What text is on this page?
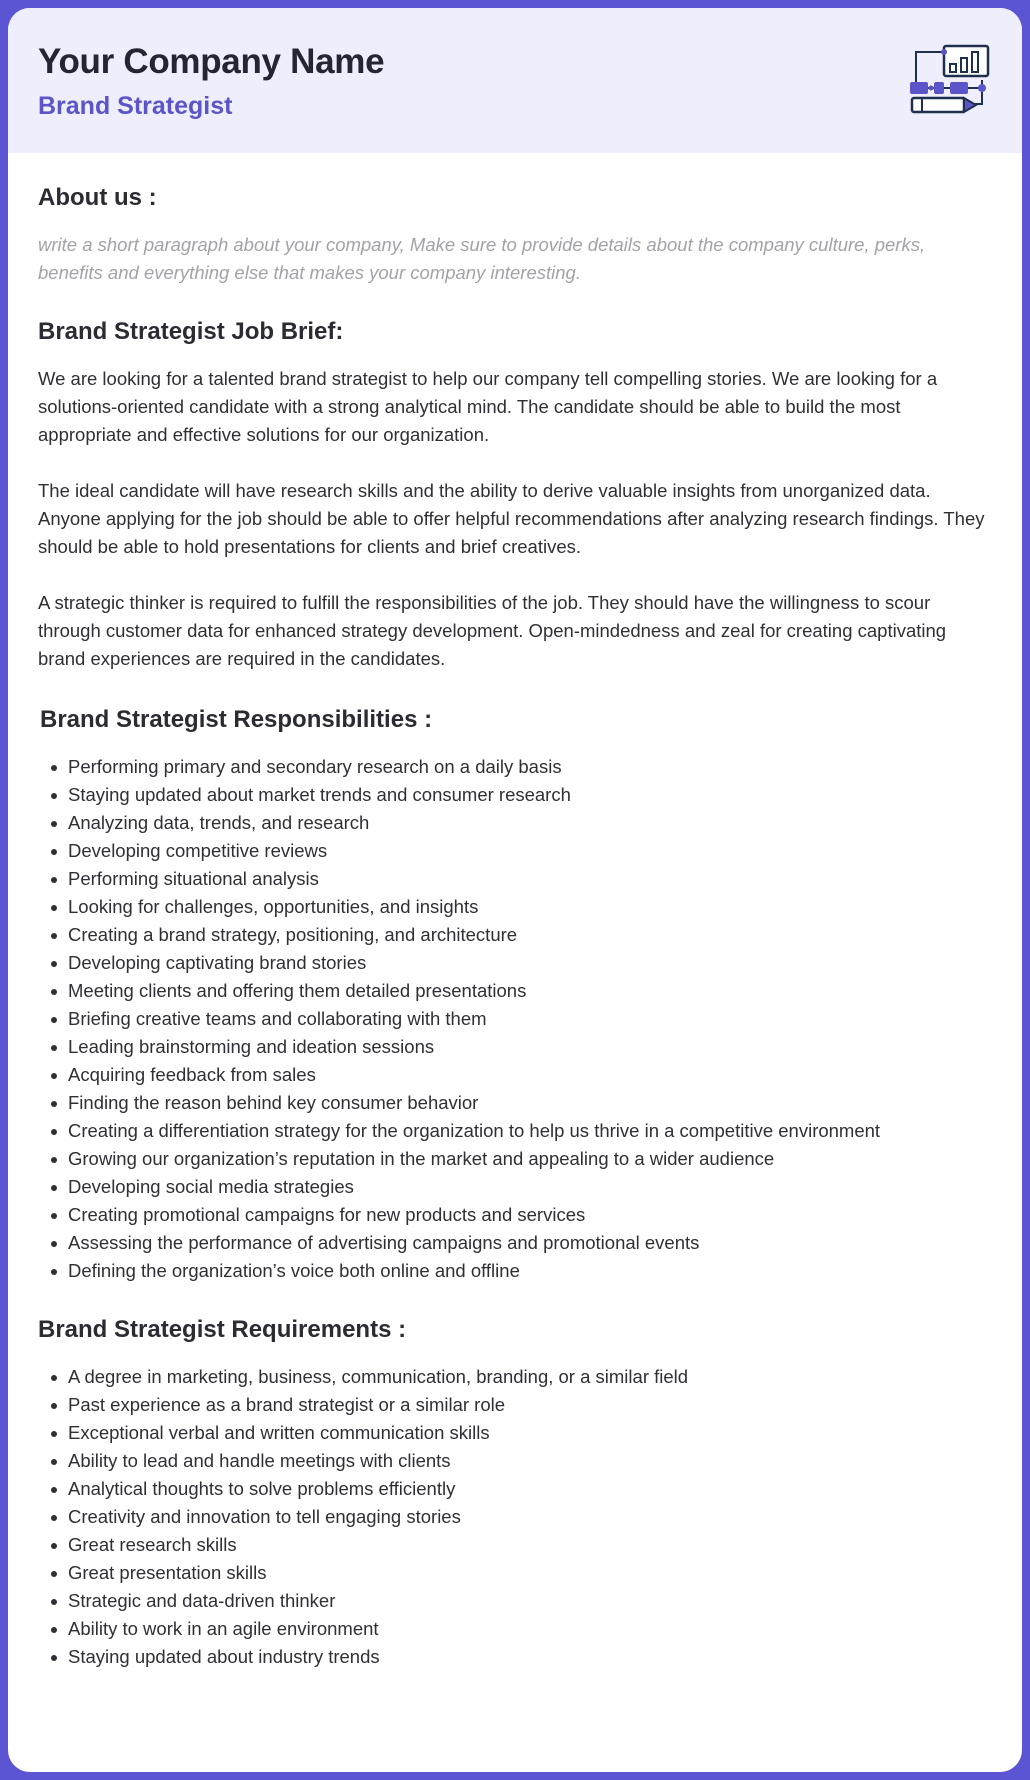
Your Company Name
Brand Strategist
About us :
write a short paragraph about your company, Make sure to provide details about the company culture, perks, benefits and everything else that makes your company interesting.
Brand Strategist Job Brief:
We are looking for a talented brand strategist to help our company tell compelling stories. We are looking for a solutions-oriented candidate with a strong analytical mind. The candidate should be able to build the most appropriate and effective solutions for our organization.
The ideal candidate will have research skills and the ability to derive valuable insights from unorganized data. Anyone applying for the job should be able to offer helpful recommendations after analyzing research findings. They should be able to hold presentations for clients and brief creatives.
A strategic thinker is required to fulfill the responsibilities of the job. They should have the willingness to scour through customer data for enhanced strategy development. Open-mindedness and zeal for creating captivating brand experiences are required in the candidates.
Brand Strategist Responsibilities :
Performing primary and secondary research on a daily basis
Staying updated about market trends and consumer research
Analyzing data, trends, and research
Developing competitive reviews
Performing situational analysis
Looking for challenges, opportunities, and insights
Creating a brand strategy, positioning, and architecture
Developing captivating brand stories
Meeting clients and offering them detailed presentations
Briefing creative teams and collaborating with them
Leading brainstorming and ideation sessions
Acquiring feedback from sales
Finding the reason behind key consumer behavior
Creating a differentiation strategy for the organization to help us thrive in a competitive environment
Growing our organization’s reputation in the market and appealing to a wider audience
Developing social media strategies
Creating promotional campaigns for new products and services
Assessing the performance of advertising campaigns and promotional events
Defining the organization’s voice both online and offline
Brand Strategist Requirements :
A degree in marketing, business, communication, branding, or a similar field
Past experience as a brand strategist or a similar role
Exceptional verbal and written communication skills
Ability to lead and handle meetings with clients
Analytical thoughts to solve problems efficiently
Creativity and innovation to tell engaging stories
Great research skills
Great presentation skills
Strategic and data-driven thinker
Ability to work in an agile environment
Staying updated about industry trends
